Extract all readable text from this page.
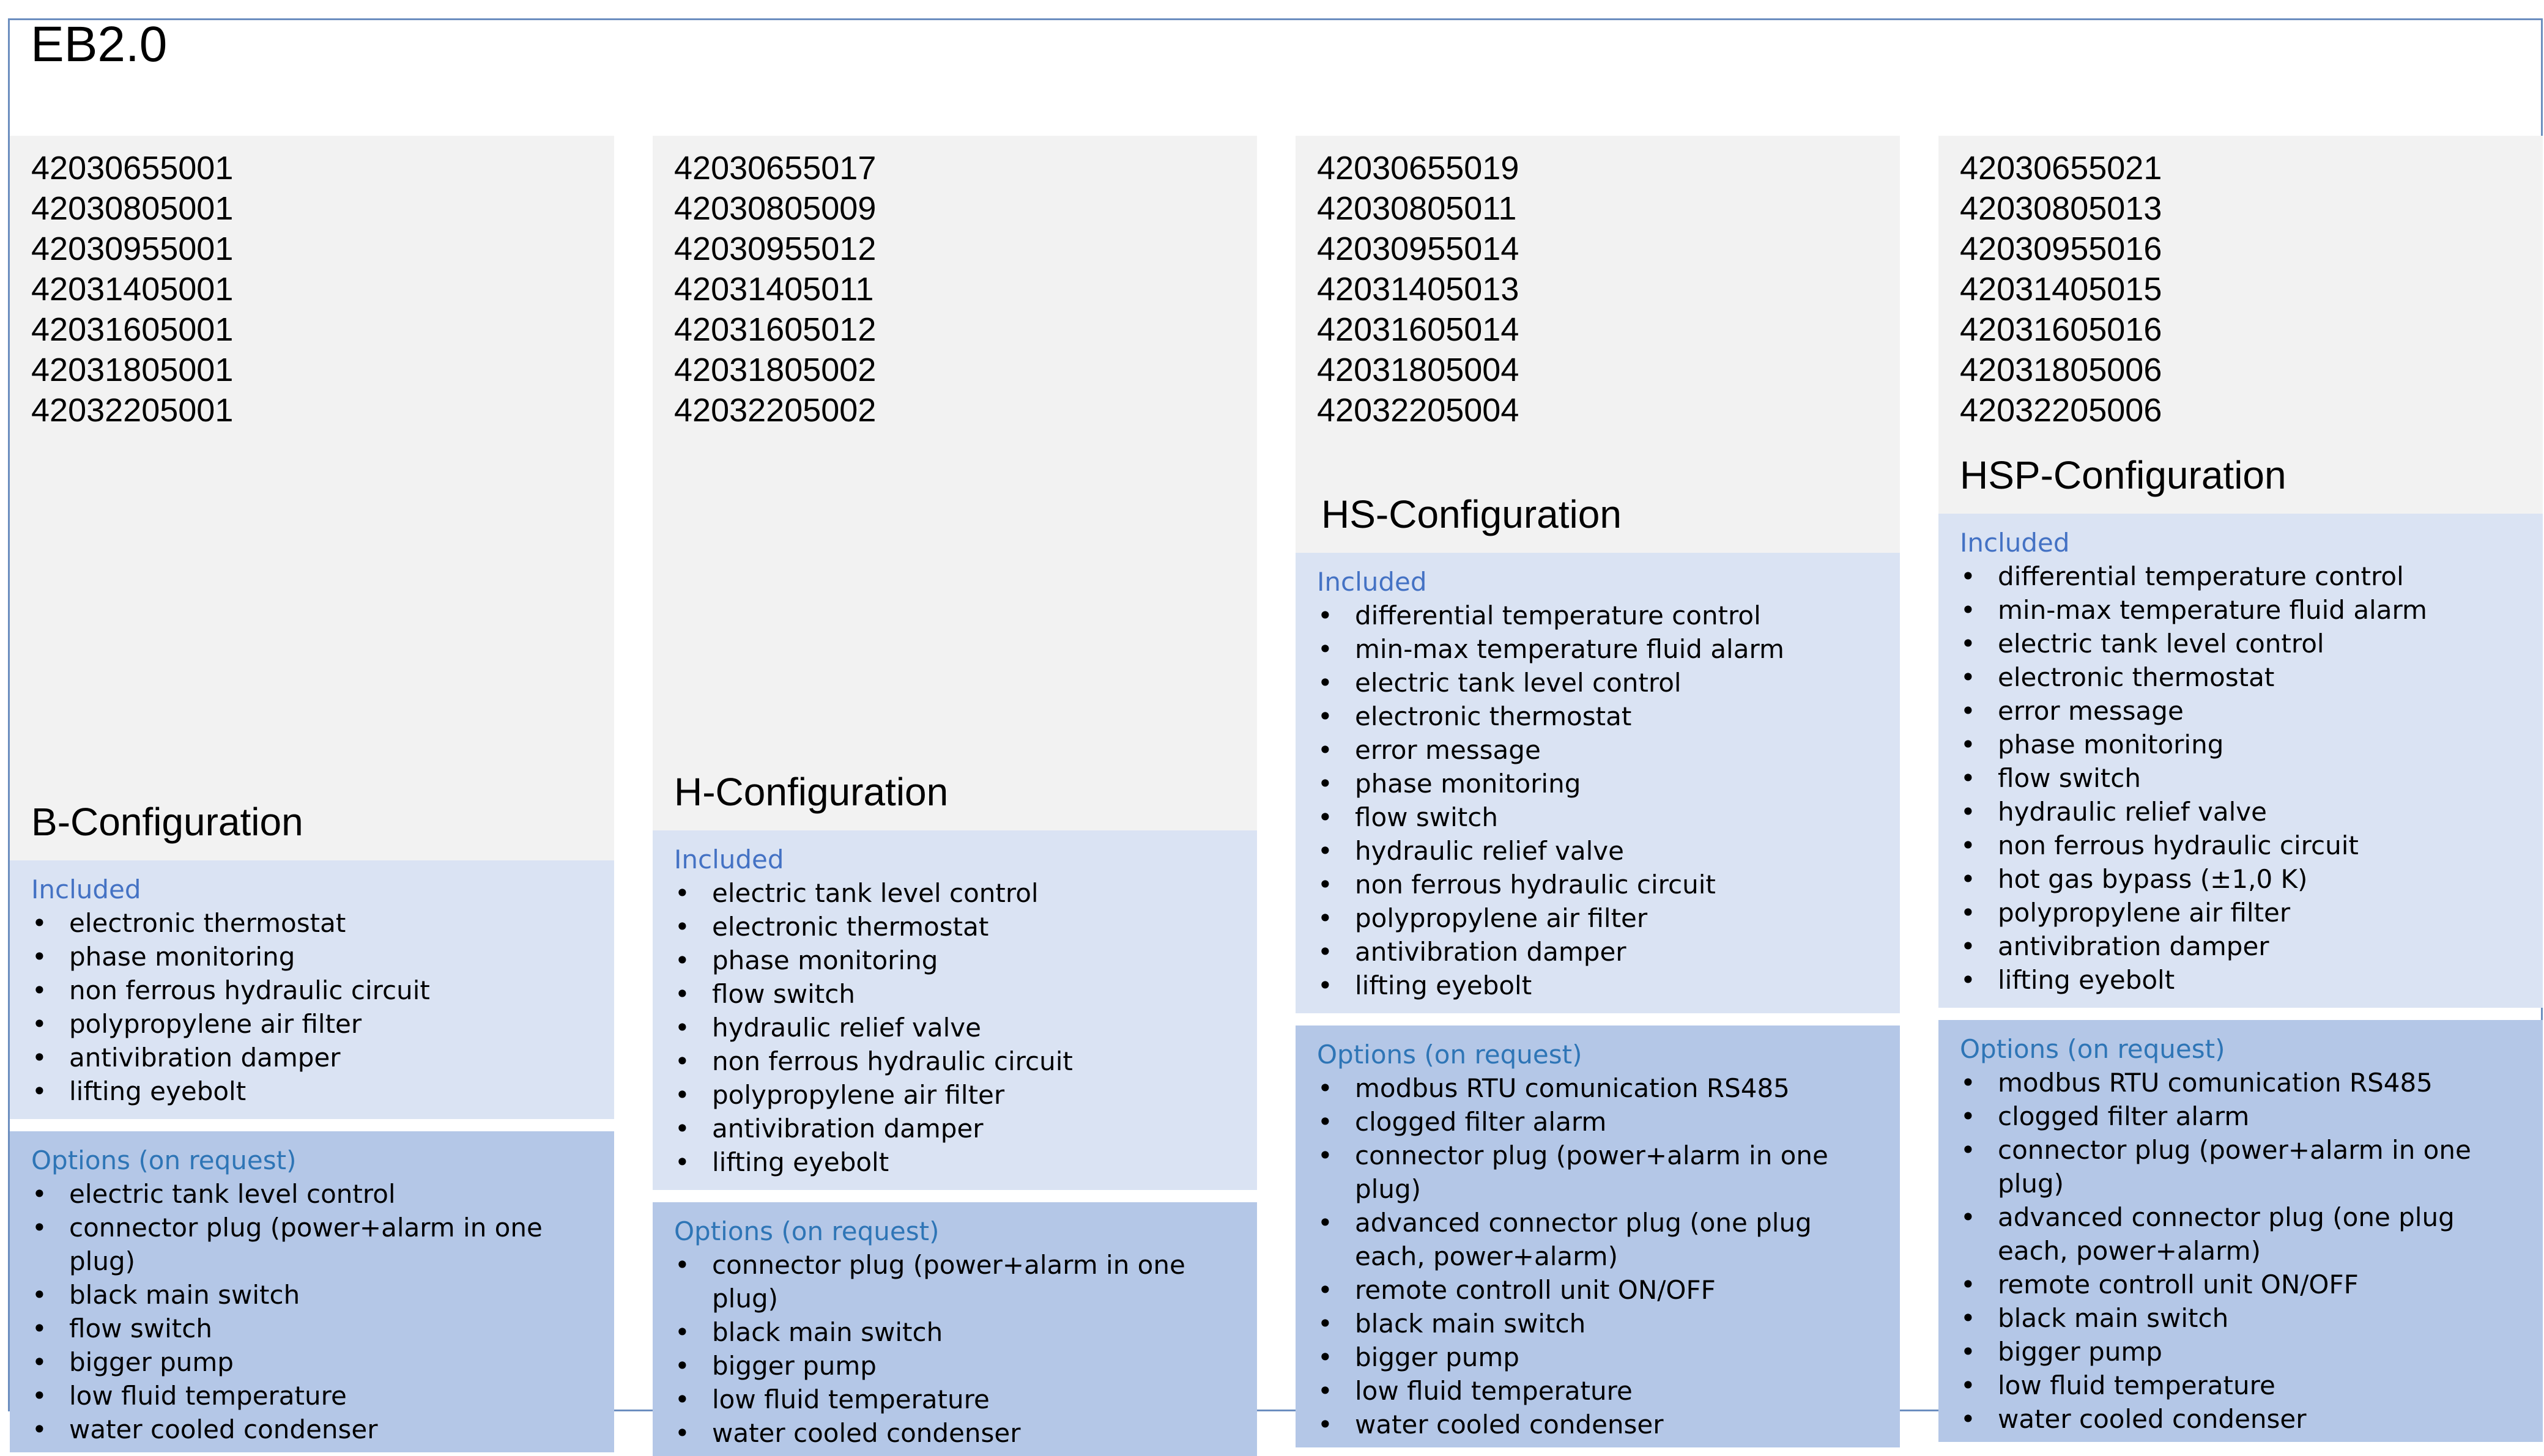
EB2.0
42030655001
42030805001
42030955001
42031405001
42031605001
42031805001
42032205001
B-Configuration
Included
• electronic thermostat
• phase monitoring
• non ferrous hydraulic circuit
• polypropylene air filter
• antivibration damper
• lifting eyebolt
Options (on request)
• electric tank level control
• connector plug (power+alarm in one plug)
• black main switch
• flow switch
• bigger pump
• low fluid temperature
• water cooled condenser
42030655017
42030805009
42030955012
42031405011
42031605012
42031805002
42032205002
H-Configuration
Included
• electric tank level control
• electronic thermostat
• phase monitoring
• flow switch
• hydraulic relief valve
• non ferrous hydraulic circuit
• polypropylene air filter
• antivibration damper
• lifting eyebolt
Options (on request)
• connector plug (power+alarm in one plug)
• black main switch
• bigger pump
• low fluid temperature
• water cooled condenser
42030655019
42030805011
42030955014
42031405013
42031605014
42031805004
42032205004
HS-Configuration
Included
• differential temperature control
• min-max temperature fluid alarm
• electric tank level control
• electronic thermostat
• error message
• phase monitoring
• flow switch
• hydraulic relief valve
• non ferrous hydraulic circuit
• polypropylene air filter
• antivibration damper
• lifting eyebolt
Options (on request)
• modbus RTU comunication RS485
• clogged filter alarm
• connector plug (power+alarm in one plug)
• advanced connector plug (one plug each, power+alarm)
• remote controll unit ON/OFF
• black main switch
• bigger pump
• low fluid temperature
• water cooled condenser
42030655021
42030805013
42030955016
42031405015
42031605016
42031805006
42032205006
HSP-Configuration
Included
• differential temperature control
• min-max temperature fluid alarm
• electric tank level control
• electronic thermostat
• error message
• phase monitoring
• flow switch
• hydraulic relief valve
• non ferrous hydraulic circuit
• hot gas bypass (±1,0 K)
• polypropylene air filter
• antivibration damper
• lifting eyebolt
Options (on request)
• modbus RTU comunication RS485
• clogged filter alarm
• connector plug (power+alarm in one plug)
• advanced connector plug (one plug each, power+alarm)
• remote controll unit ON/OFF
• black main switch
• bigger pump
• low fluid temperature
• water cooled condenser
